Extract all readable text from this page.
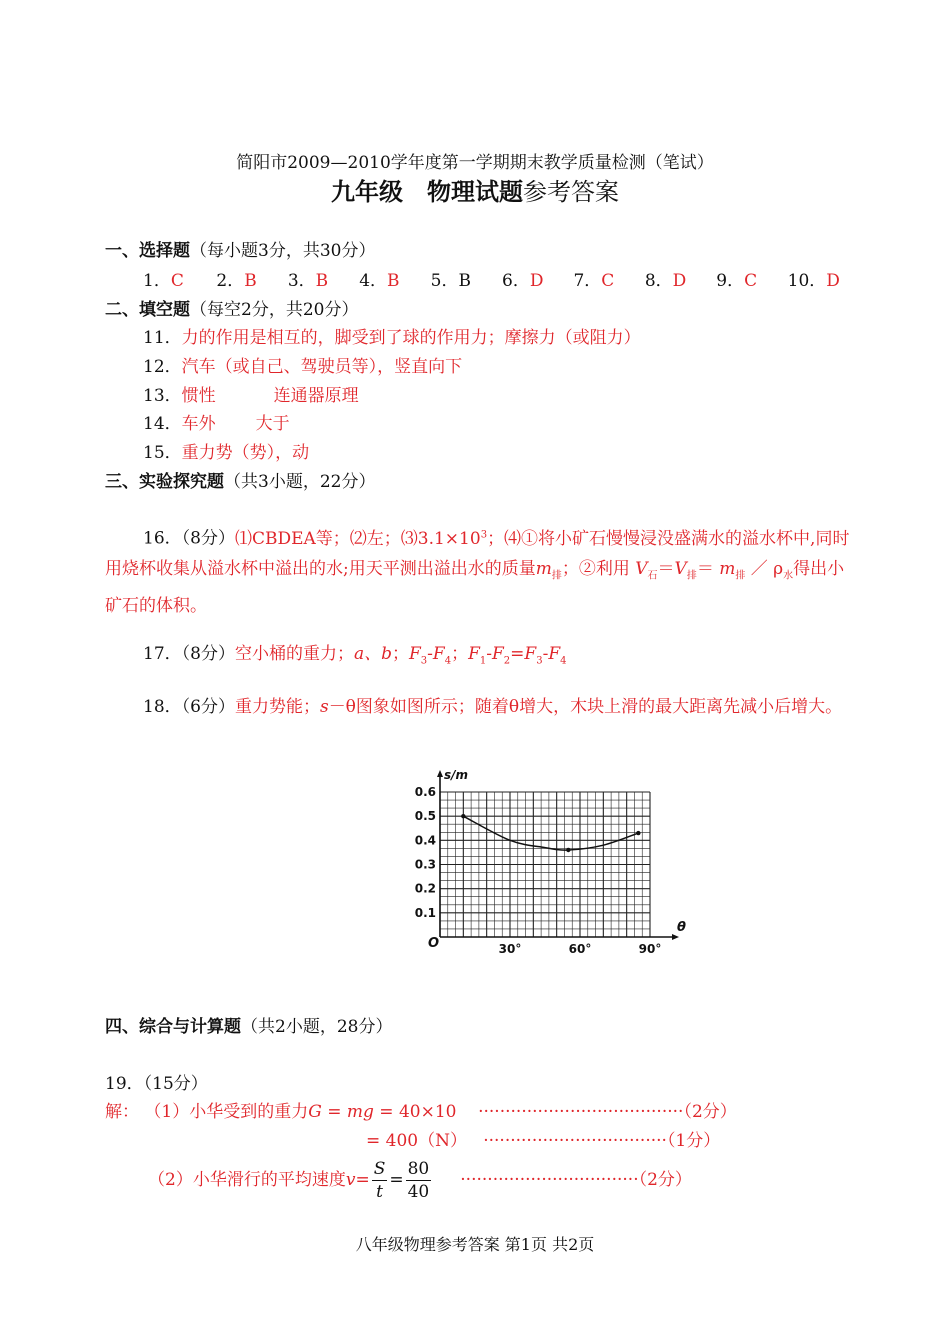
简阳市2009—2010学年度第一学期期末教学质量检测（笔试）
九年级　物理试题参考答案
一、选择题（每小题3分，共30分）
1．C 2．B 3．B 4．B 5．B 6．D 7．C 8．D 9．C 10．D
二、填空题（每空2分，共20分）
11．力的作用是相互的，脚受到了球的作用力；摩擦力（或阻力）
12．汽车（或自己、驾驶员等），竖直向下
13．惯性	连通器原理
14．车外 大于
15．重力势（势），动
三、实验探究题（共3小题，22分）
16．（8分）⑴CBDEA等；⑵左；$⑶3.1\times 10^3$；⑷①将小矿石慢慢浸没盛满水的溢水杯中,同时用烧杯收集从溢水杯中溢出的水;用天平测出溢出水的质量$m_排$；②利用 $V_石=V_排= m_排$ ／ $\rho_水$得出小矿石的体积。
17．（8分）空小桶的重力；a、b；$F_3-F_4$；$F_1-F_2=F_3-F_4$
18．（6分）重力势能；s－θ图象如图所示；随着θ增大，木块上滑的最大距离先减小后增大。
0.1
0.2
0.3
0.4
0.5
0.6
30°	60°	90°
O
s/m
θ
四、综合与计算题（共2小题，28分）
19．（15分）
解： （1）小华受到的重力G = mg = 40×10 ······································（2分）
= 400（N） ··································（1分）
（2）小华滑行的平均速度$v= \frac{S}{t} = \frac{80}{40} \cdot\cdot\cdot\cdot\cdot\cdot\cdot\cdot\cdot\cdot\cdot\cdot\cdot\cdot\cdot\cdot\cdot\cdot\cdot\cdot\cdot\cdot\cdot\cdot\cdot\cdot\cdot\cdot\cdot\cdot\cdot\cdot\cdot(2$分）
八年级物理参考答案 第1页 共2页
